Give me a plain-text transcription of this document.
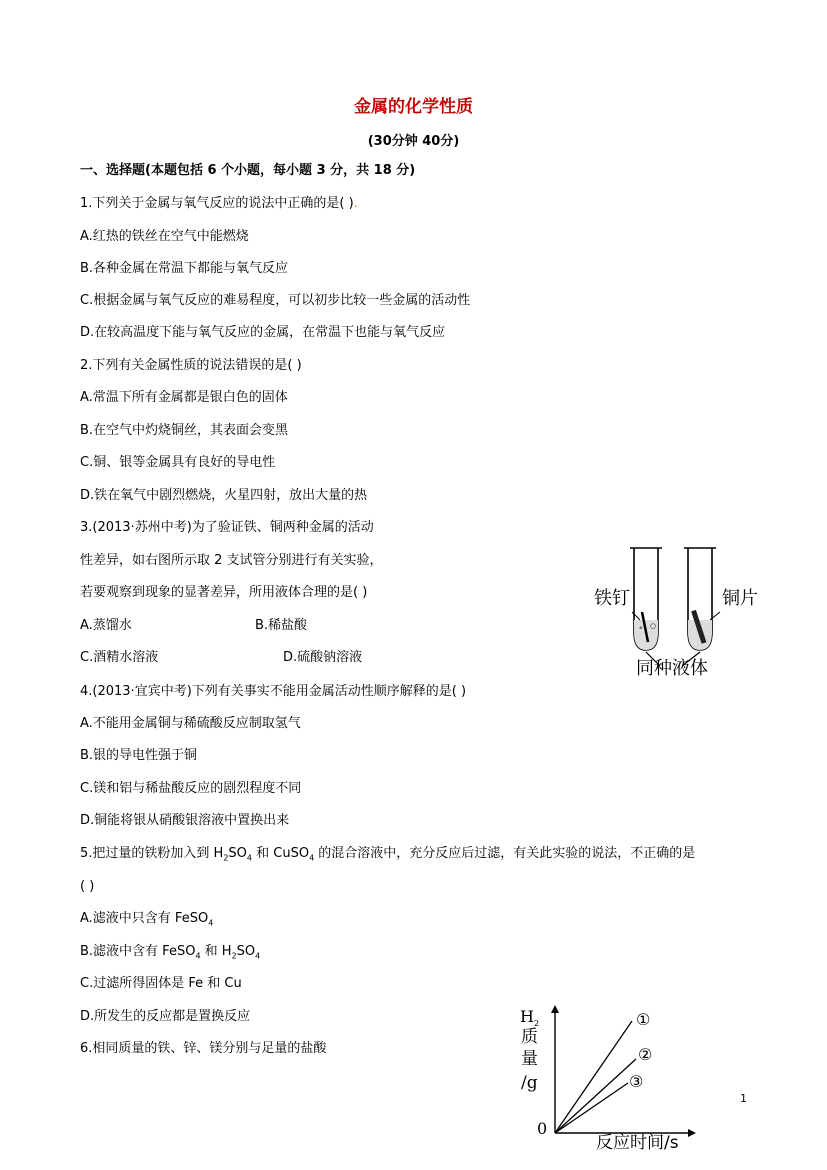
金属的化学性质
(30分钟 40分)
一、选择题(本题包括 6 个小题，每小题 3 分，共 18 分)
1.下列关于金属与氧气反应的说法中正确的是( ).
A.红热的铁丝在空气中能燃烧
B.各种金属在常温下都能与氧气反应
C.根据金属与氧气反应的难易程度，可以初步比较一些金属的活动性
D.在较高温度下能与氧气反应的金属，在常温下也能与氧气反应
2.下列有关金属性质的说法错误的是( )
A.常温下所有金属都是银白色的固体
B.在空气中灼烧铜丝，其表面会变黑
C.铜、银等金属具有良好的导电性
D.铁在氧气中剧烈燃烧，火星四射，放出大量的热
3.(2013·苏州中考)为了验证铁、铜两种金属的活动
性差异，如右图所示取 2 支试管分别进行有关实验，
若要观察到现象的显著差异，所用液体合理的是( )
A.蒸馏水	B.稀盐酸
C.酒精水溶液	D.硫酸钠溶液
° ○
铁钉	铜片
同种液体
4.(2013·宜宾中考)下列有关事实不能用金属活动性顺序解释的是( )
A.不能用金属铜与稀硫酸反应制取氢气
B.银的导电性强于铜
C.镁和铝与稀盐酸反应的剧烈程度不同
D.铜能将银从硝酸银溶液中置换出来
5.把过量的铁粉加入到 $H_2SO_4$ 和 CuSO$_4$ 的混合溶液中，充分反应后过滤，有关此实验的说法，不正确的是
( )
A.滤液中只含有 FeSO$_4$
B.滤液中含有 FeSO$_4$ 和 $H_2SO_4$
C.过滤所得固体是 Fe 和 Cu
D.所发生的反应都是置换反应
6.相同质量的铁、锌、镁分别与足量的盐酸
$H_2$
质
量
/g
0
反应时间/s
①
②
③
1
